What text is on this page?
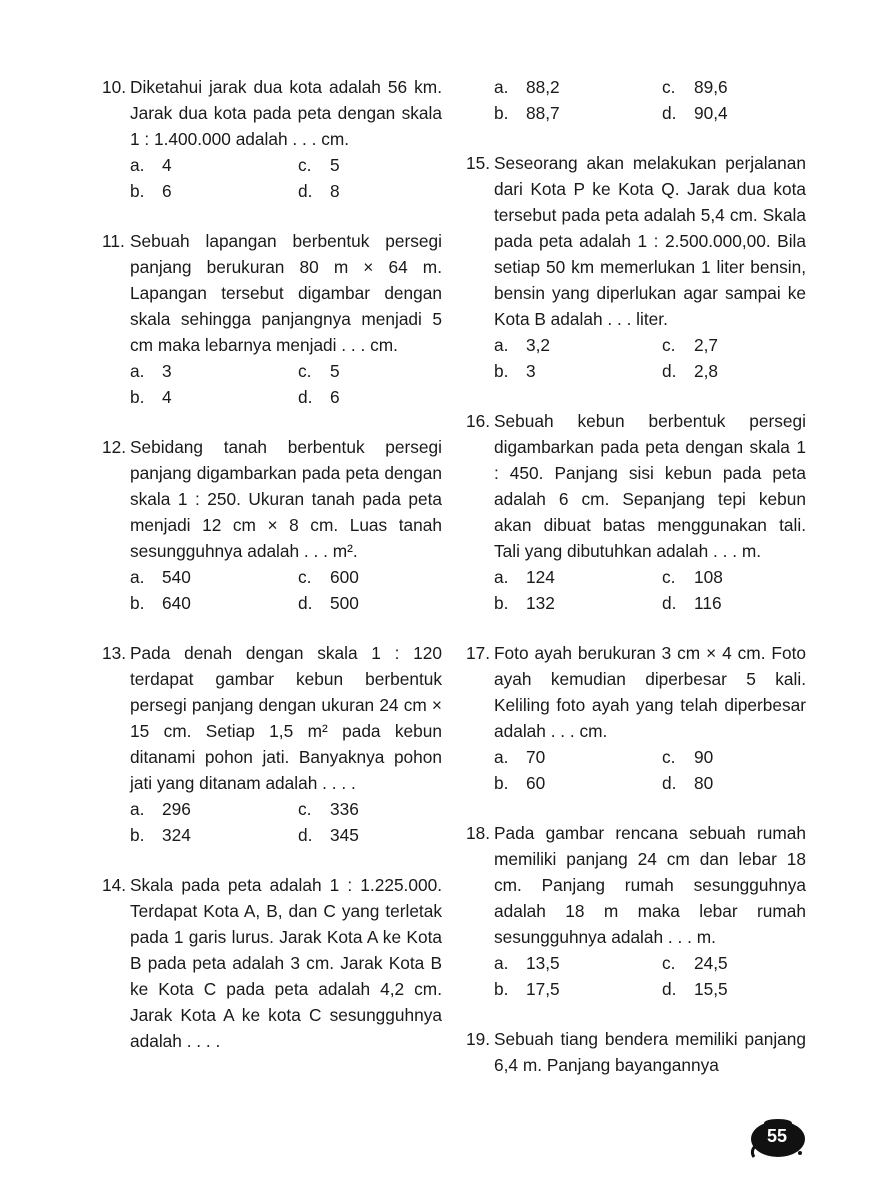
10. Diketahui jarak dua kota adalah 56 km. Jarak dua kota pada peta dengan skala 1 : 1.400.000 adalah . . . cm.
a.	4	c.	5
b.	6	d.	8
11. Sebuah lapangan berbentuk persegi panjang berukuran 80 m × 64 m. Lapangan tersebut digambar dengan skala sehingga panjangnya menjadi 5 cm maka lebarnya menjadi . . . cm.
a.	3	c.	5
b.	4	d.	6
12. Sebidang tanah berbentuk persegi panjang digambarkan pada peta dengan skala 1 : 250. Ukuran tanah pada peta menjadi 12 cm × 8 cm. Luas tanah sesungguhnya adalah . . . m².
a.	540	c.	600
b.	640	d.	500
13. Pada denah dengan skala 1 : 120 terdapat gambar kebun berbentuk persegi panjang dengan ukuran 24 cm × 15 cm. Setiap 1,5 m² pada kebun ditanami pohon jati. Banyaknya pohon jati yang ditanam adalah . . . .
a.	296	c.	336
b.	324	d.	345
14. Skala pada peta adalah 1 : 1.225.000. Terdapat Kota A, B, dan C yang terletak pada 1 garis lurus. Jarak Kota A ke Kota B pada peta adalah 3 cm. Jarak Kota B ke Kota C pada peta adalah 4,2 cm. Jarak Kota A ke kota C sesungguhnya adalah . . . .
a.	88,2	c.	89,6
b.	88,7	d.	90,4
15. Seseorang akan melakukan perjalanan dari Kota P ke Kota Q. Jarak dua kota tersebut pada peta adalah 5,4 cm. Skala pada peta adalah 1 : 2.500.000,00. Bila setiap 50 km memerlukan 1 liter bensin, bensin yang diperlukan agar sampai ke Kota B adalah . . . liter.
a.	3,2	c.	2,7
b.	3	d.	2,8
16. Sebuah kebun berbentuk persegi digambarkan pada peta dengan skala 1 : 450. Panjang sisi kebun pada peta adalah 6 cm. Sepanjang tepi kebun akan dibuat batas menggunakan tali. Tali yang dibutuhkan adalah . . . m.
a.	124	c.	108
b.	132	d.	116
17. Foto ayah berukuran 3 cm × 4 cm. Foto ayah kemudian diperbesar 5 kali. Keliling foto ayah yang telah diperbesar adalah . . . cm.
a.	70	c.	90
b.	60	d.	80
18. Pada gambar rencana sebuah rumah memiliki panjang 24 cm dan lebar 18 cm. Panjang rumah sesungguhnya adalah 18 m maka lebar rumah sesungguhnya adalah . . . m.
a.	13,5	c.	24,5
b.	17,5	d.	15,5
19. Sebuah tiang bendera memiliki panjang 6,4 m. Panjang bayangannya
55
